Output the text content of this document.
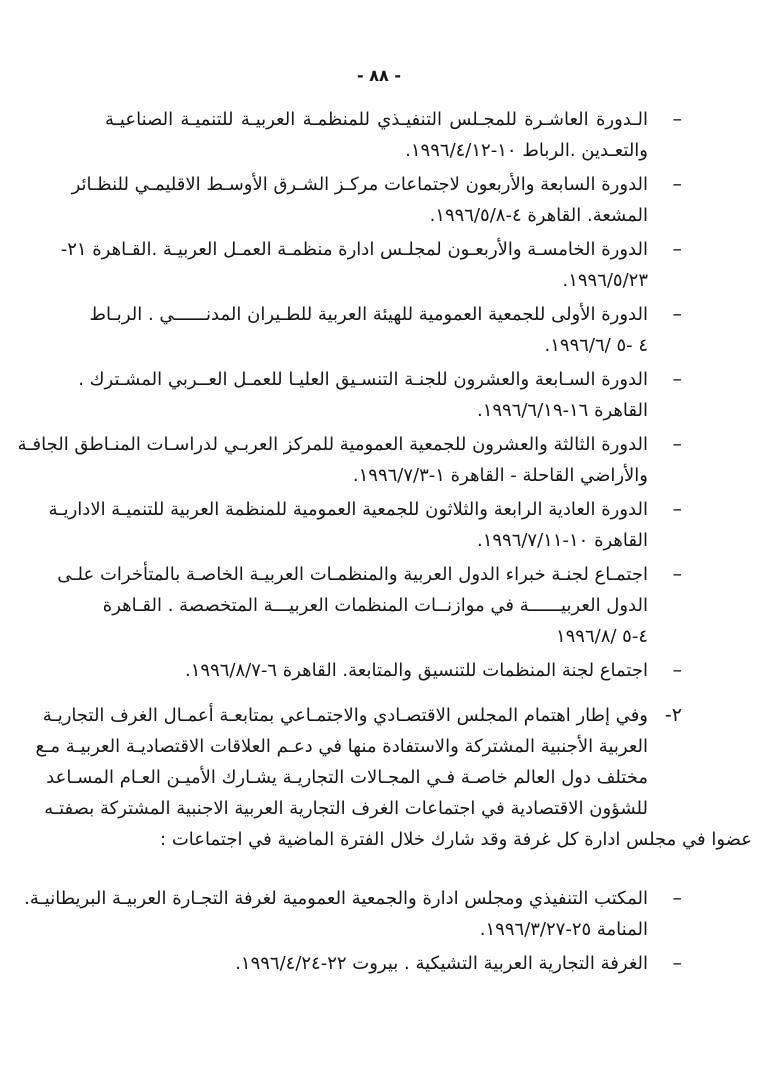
- ٨٨ -
–
الـدورة العاشـرة للمجـلس التنفيـذي للمنظمـة العربيـة للتنميـة الصناعيـة
والتعـدين .الرباط ١٠-١٩٩٦/٤/١٢.
–
الدورة السابعة والأربعون لاجتماعات مركـز الشـرق الأوسـط الاقليمـي للنظـائر
المشعة. القاهرة ٤-١٩٩٦/٥/٨.
–
الدورة الخامسـة والأربعـون لمجلـس ادارة منظمـة العمـل العربيـة .القـاهرة ٢١-
١٩٩٦/٥/٢٣.
–
الدورة الأولى للجمعية العمومية للهيئة العربية للطـيران المدنــــــي . الربـاط
٤ -٥ /١٩٩٦/٦.
–
الدورة السـابعة والعشرون للجنـة التنسـيق العليـا للعمـل العــربي المشـترك .
القاهرة ١٦-١٩٩٦/٦/١٩.
–
الدورة الثالثة والعشرون للجمعية العمومية للمركز العربـي لدراسـات المنـاطق الجافـة
والأراضي القاحلة - القاهرة ١-١٩٩٦/٧/٣.
–
الدورة العادية الرابعة والثلاثون للجمعية العمومية للمنظمة العربية للتنميـة الاداريـة
القاهرة ١٠-١٩٩٦/٧/١١.
–
اجتمـاع لجنـة خبراء الدول العربية والمنظمـات العربيـة الخاصـة بالمتأخرات علـى
الدول العربيــــــة في موازنــات المنظمات العربيـــة المتخصصة . القـاهرة
٤-٥ /١٩٩٦/٨
–
اجتماع لجنة المنظمات للتنسيق والمتابعة. القاهرة ٦-١٩٩٦/٨/٧.
٢-
وفي إطار اهتمام المجلس الاقتصـادي والاجتمـاعي بمتابعـة أعمـال الغرف التجاريـة
العربية الأجنبية المشتركة والاستفادة منها في دعـم العلاقات الاقتصاديـة العربيـة مـع
مختلف دول العالم خاصـة فـي المجـالات التجاريـة يشـارك الأميـن العـام المسـاعد
للشؤون الاقتصادية في اجتماعات الغرف التجارية العربية الاجنبية المشتركة بصفتـه
عضوا في مجلس ادارة كل غرفة وقد شارك خلال الفترة الماضية في اجتماعات :
–
المكتب التنفيذي ومجلس ادارة والجمعية العمومية لغرفة التجـارة العربيـة البريطانيـة.
المنامة ٢٥-١٩٩٦/٣/٢٧.
–
الغرفة التجارية العربية التشيكية . بيروت ٢٢-١٩٩٦/٤/٢٤.
